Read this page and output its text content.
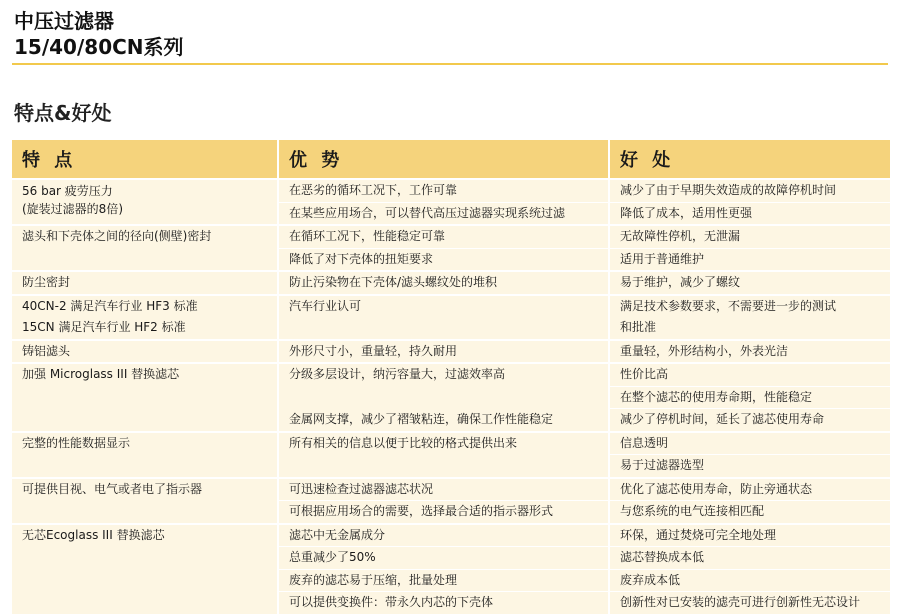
中压过滤器
15/40/80CN系列
特点&好处
特 点	优 势	好 处

56 bar 疲劳压力
(旋装过滤器的8倍)	在恶劣的循环工况下，工作可靠	减少了由于早期失效造成的故障停机时间
	在某些应用场合，可以替代高压过滤器实现系统过滤	降低了成本，适用性更强
滤头和下壳体之间的径向(侧壁)密封	在循环工况下，性能稳定可靠	无故障性停机，无泄漏
	降低了对下壳体的扭矩要求	适用于普通维护
防尘密封	防止污染物在下壳体/滤头螺纹处的堆积	易于维护，减少了螺纹
40CN-2 满足汽车行业 HF3 标准	汽车行业认可	满足技术参数要求，不需要进一步的测试
15CN 满足汽车行业 HF2 标准		和批准
铸铝滤头	外形尺寸小，重量轻，持久耐用	重量轻，外形结构小，外表光洁
加强 Microglass III 替换滤芯	分级多层设计，纳污容量大，过滤效率高	性价比高
		在整个滤芯的使用寿命期，性能稳定
	金属网支撑，减少了褶皱粘连，确保工作性能稳定	减少了停机时间，延长了滤芯使用寿命
完整的性能数据显示	所有相关的信息以便于比较的格式提供出来	信息透明
		易于过滤器选型
可提供目视、电气或者电了指示器	可迅速检查过滤器滤芯状况	优化了滤芯使用寿命，防止旁通状态
	可根据应用场合的需要，选择最合适的指示器形式	与您系统的电气连接相匹配
无芯Ecoglass III 替换滤芯	滤芯中无金属成分	环保，通过焚烧可完全地处理
	总重减少了50%	滤芯替换成本低
	废弃的滤芯易于压缩，批量处理	废弃成本低
	可以提供变换件：带永久内芯的下壳体	创新性对已安装的滤壳可进行创新性无芯设计
